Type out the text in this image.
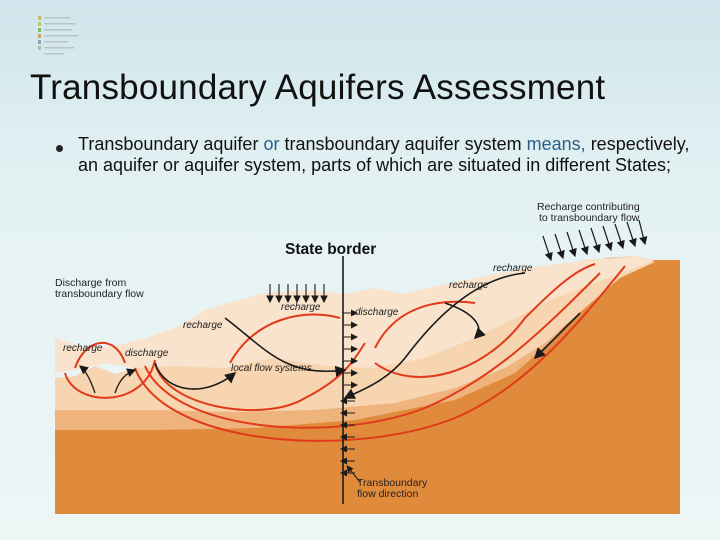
Transboundary Aquifers Assessment
Transboundary aquifer or transboundary aquifer system means, respectively, an aquifer or aquifer system, parts of which are situated in different States;
State border
Recharge contributing
to transboundary flow
Discharge from
transboundary flow
recharge
recharge
recharge	discharge
recharge
recharge discharge
local flow systems
Transboundary
flow direction
